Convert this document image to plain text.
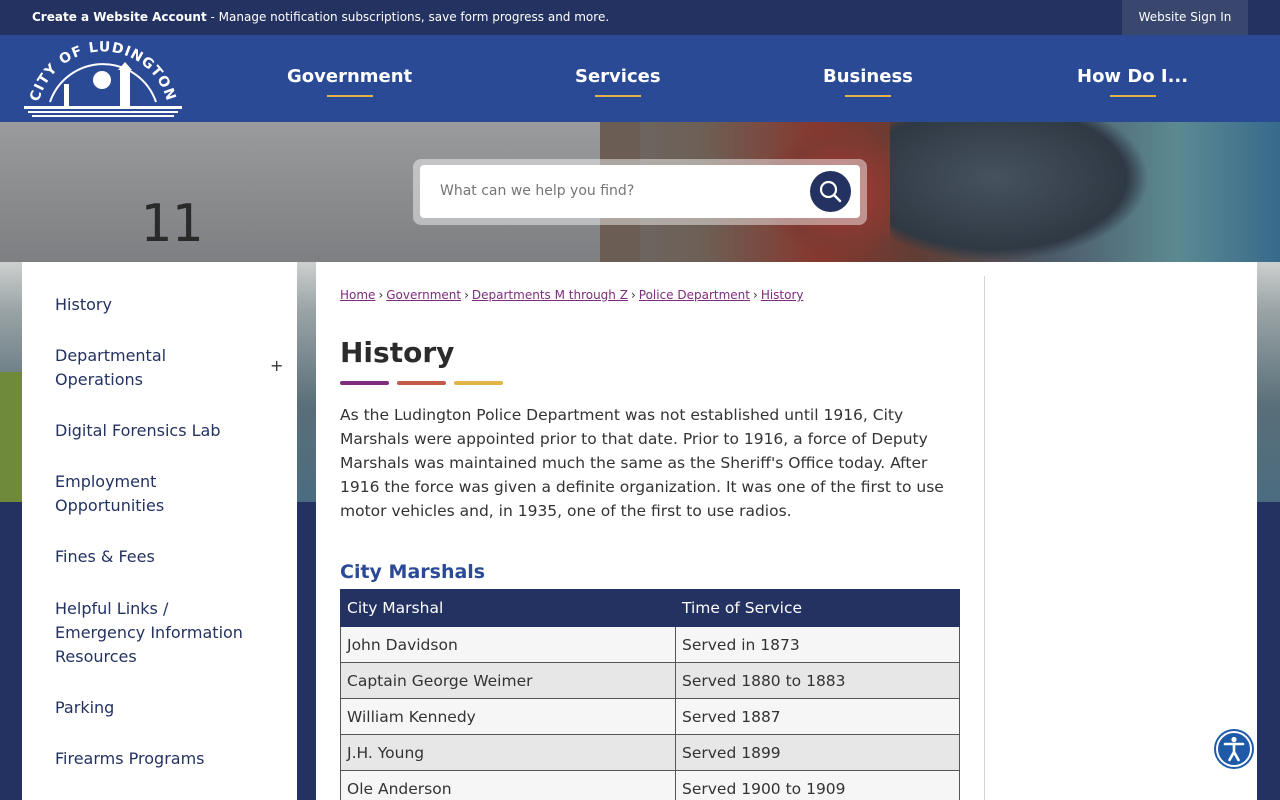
Create a Website Account - Manage notification subscriptions, save form progress and more.	Website Sign In
CITY OF LUDINGTON
Government	Services	Business	How Do I...
11
What can we help you find?
History
Departmental Operations
+
Digital Forensics Lab
Employment Opportunities
Fines & Fees
Helpful Links / Emergency Information Resources
Parking
Firearms Programs
Home › Government › Departments M through Z › Police Department › History
History

As the Ludington Police Department was not established until 1916, City Marshals were appointed prior to that date. Prior to 1916, a force of Deputy Marshals was maintained much the same as the Sheriff's Office today. After 1916 the force was given a definite organization. It was one of the first to use motor vehicles and, in 1935, one of the first to use radios.

City Marshals
City Marshal	Time of Service
John Davidson	Served in 1873
Captain George Weimer	Served 1880 to 1883
William Kennedy	Served 1887
J.H. Young	Served 1899
Ole Anderson	Served 1900 to 1909
